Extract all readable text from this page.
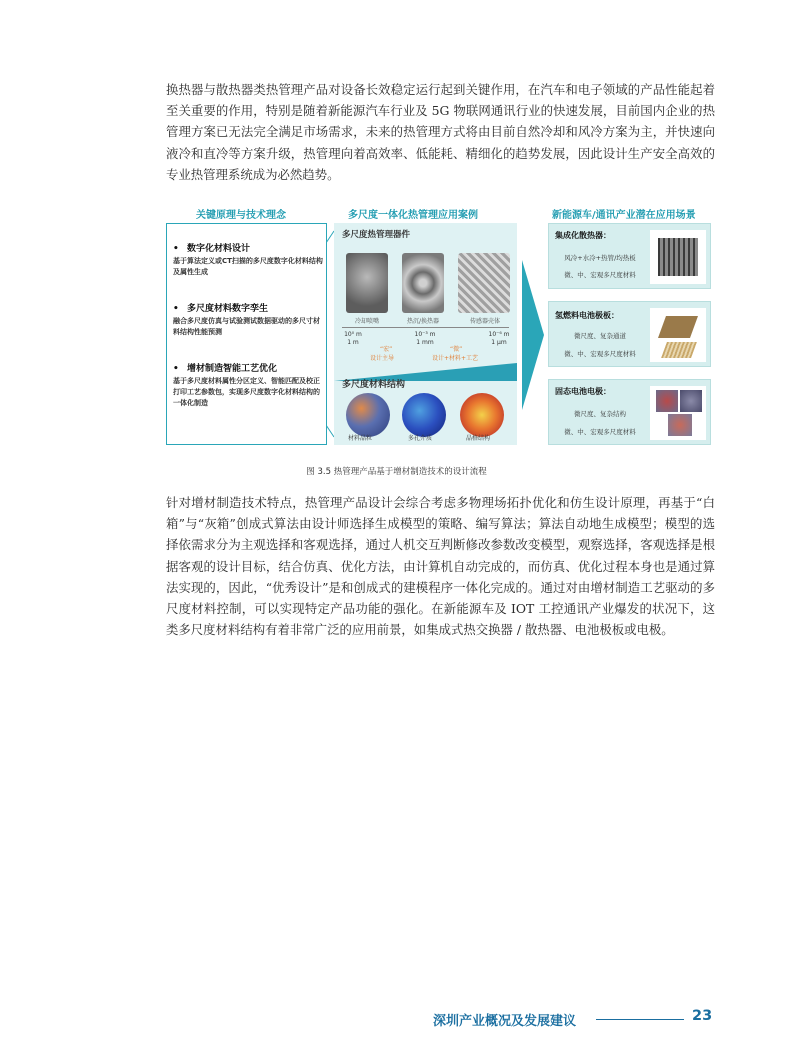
换热器与散热器类热管理产品对设备长效稳定运行起到关键作用，在汽车和电子领域的产品性能起着至关重要的作用，特别是随着新能源汽车行业及 5G 物联网通讯行业的快速发展，目前国内企业的热管理方案已无法完全满足市场需求，未来的热管理方式将由目前自然冷却和风冷方案为主，并快速向液冷和直冷等方案升级，热管理向着高效率、低能耗、精细化的趋势发展，因此设计生产安全高效的专业热管理系统成为必然趋势。
关键原理与技术理念	多尺度一体化热管理应用案例	新能源车/通讯产业潜在应用场景
• 数字化材料设计
基于算法定义或CT扫描的多尺度数字化材料结构及属性生成
• 多尺度材料数字孪生
融合多尺度仿真与试验测试数据驱动的多尺寸材料结构性能预测
• 增材制造智能工艺优化
基于多尺度材料属性分区定义、智能匹配及校正打印工艺参数包，实现多尺度数字化材料结构的一体化制造
多尺度热管理器件
冷却喷嘴	热沉/换热器	传感器壳体
10⁰ m
1 m
10⁻³ m
1 mm
10⁻⁶ m
1 μm
“宏”
设计主导
“微”
设计+材料+工艺
多尺度材料结构
材料晶粒	多孔介质	晶格结构
集成化散热器：
风冷+水冷+热管/均热板
微、中、宏观多尺度材料
氢燃料电池极板：
微尺度、复杂通道
微、中、宏观多尺度材料
固态电池电极：
微尺度、复杂结构
微、中、宏观多尺度材料
图 3.5 热管理产品基于增材制造技术的设计流程
针对增材制造技术特点，热管理产品设计会综合考虑多物理场拓扑优化和仿生设计原理，再基于“白箱”与“灰箱”创成式算法由设计师选择生成模型的策略、编写算法；算法自动地生成模型；模型的选择依需求分为主观选择和客观选择，通过人机交互判断修改参数改变模型，观察选择，客观选择是根据客观的设计目标，结合仿真、优化方法，由计算机自动完成的，而仿真、优化过程本身也是通过算法实现的，因此，“优秀设计”是和创成式的建模程序一体化完成的。通过对由增材制造工艺驱动的多尺度材料控制，可以实现特定产品功能的强化。在新能源车及 IOT 工控通讯产业爆发的状况下，这类多尺度材料结构有着非常广泛的应用前景，如集成式热交换器 / 散热器、电池极板或电极。
深圳产业概况及发展建议	23
